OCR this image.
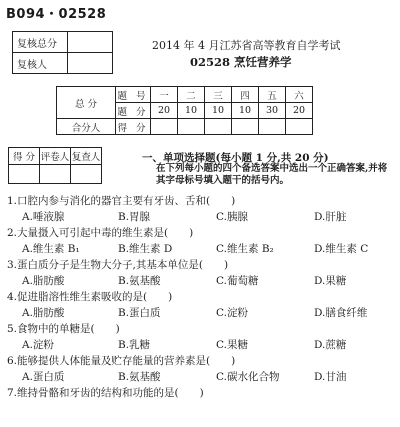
B094・02528
复核总分	
复核人	
2014 年 4 月江苏省高等教育自学考试
02528 烹饪营养学
总 分	题 号	一	二	三	四	五	六
	题 分	20	10	10	10	30	20
合分人	得 分						
得 分	评卷人	复查人
			一、单项选择题(每小题 1 分,共 20 分)
在下列每小题的四个备选答案中选出一个正确答案,并将其字母标号填入题干的括号内。
1.口腔内参与消化的器官主要有牙齿、舌和(　　)
A.唾液腺	B.胃腺	C.胰腺	D.肝脏
2.大量摄入可引起中毒的维生素是(　　)
A.维生素 B₁	B.维生素 D	C.维生素 B₂	D.维生素 C
3.蛋白质分子是生物大分子,其基本单位是(　　)
A.脂肪酸	B.氨基酸	C.葡萄糖	D.果糖
4.促进脂溶性维生素吸收的是(　　)
A.脂肪酸	B.蛋白质	C.淀粉	D.膳食纤维
5.食物中的单糖是(　　)
A.淀粉	B.乳糖	C.果糖	D.蔗糖
6.能够提供人体能量及贮存能量的营养素是(　　)
A.蛋白质	B.氨基酸	C.碳水化合物	D.甘油
7.维持骨骼和牙齿的结构和功能的是(　　)
